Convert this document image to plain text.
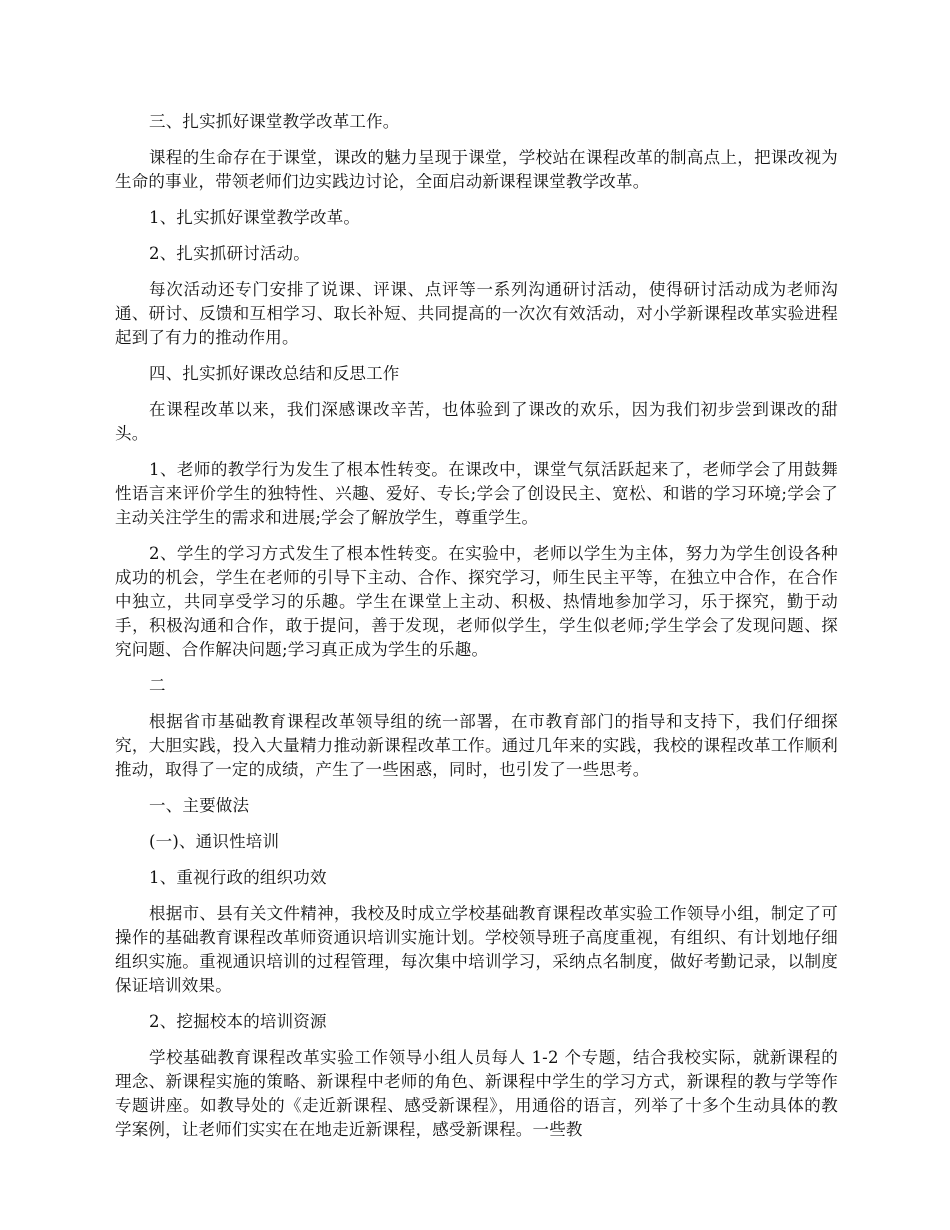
三、扎实抓好课堂教学改革工作。

课程的生命存在于课堂，课改的魅力呈现于课堂，学校站在课程改革的制高点上，把课改视为生命的事业，带领老师们边实践边讨论，全面启动新课程课堂教学改革。

1、扎实抓好课堂教学改革。

2、扎实抓研讨活动。

每次活动还专门安排了说课、评课、点评等一系列沟通研讨活动，使得研讨活动成为老师沟通、研讨、反馈和互相学习、取长补短、共同提高的一次次有效活动，对小学新课程改革实验进程起到了有力的推动作用。

四、扎实抓好课改总结和反思工作

在课程改革以来，我们深感课改辛苦，也体验到了课改的欢乐，因为我们初步尝到课改的甜头。

1、老师的教学行为发生了根本性转变。在课改中，课堂气氛活跃起来了，老师学会了用鼓舞性语言来评价学生的独特性、兴趣、爱好、专长;学会了创设民主、宽松、和谐的学习环境;学会了主动关注学生的需求和进展;学会了解放学生，尊重学生。

2、学生的学习方式发生了根本性转变。在实验中，老师以学生为主体，努力为学生创设各种成功的机会，学生在老师的引导下主动、合作、探究学习，师生民主平等，在独立中合作，在合作中独立，共同享受学习的乐趣。学生在课堂上主动、积极、热情地参加学习，乐于探究，勤于动手，积极沟通和合作，敢于提问，善于发现，老师似学生，学生似老师;学生学会了发现问题、探究问题、合作解决问题;学习真正成为学生的乐趣。

二

根据省市基础教育课程改革领导组的统一部署，在市教育部门的指导和支持下，我们仔细探究，大胆实践，投入大量精力推动新课程改革工作。通过几年来的实践，我校的课程改革工作顺利推动，取得了一定的成绩，产生了一些困惑，同时，也引发了一些思考。

一、主要做法

(一)、通识性培训

1、重视行政的组织功效

根据市、县有关文件精神，我校及时成立学校基础教育课程改革实验工作领导小组，制定了可操作的基础教育课程改革师资通识培训实施计划。学校领导班子高度重视，有组织、有计划地仔细组织实施。重视通识培训的过程管理，每次集中培训学习，采纳点名制度，做好考勤记录，以制度保证培训效果。

2、挖掘校本的培训资源

学校基础教育课程改革实验工作领导小组人员每人 1-2 个专题，结合我校实际，就新课程的理念、新课程实施的策略、新课程中老师的角色、新课程中学生的学习方式，新课程的教与学等作专题讲座。如教导处的《走近新课程、感受新课程》，用通俗的语言，列举了十多个生动具体的教学案例，让老师们实实在在地走近新课程，感受新课程。一些教
